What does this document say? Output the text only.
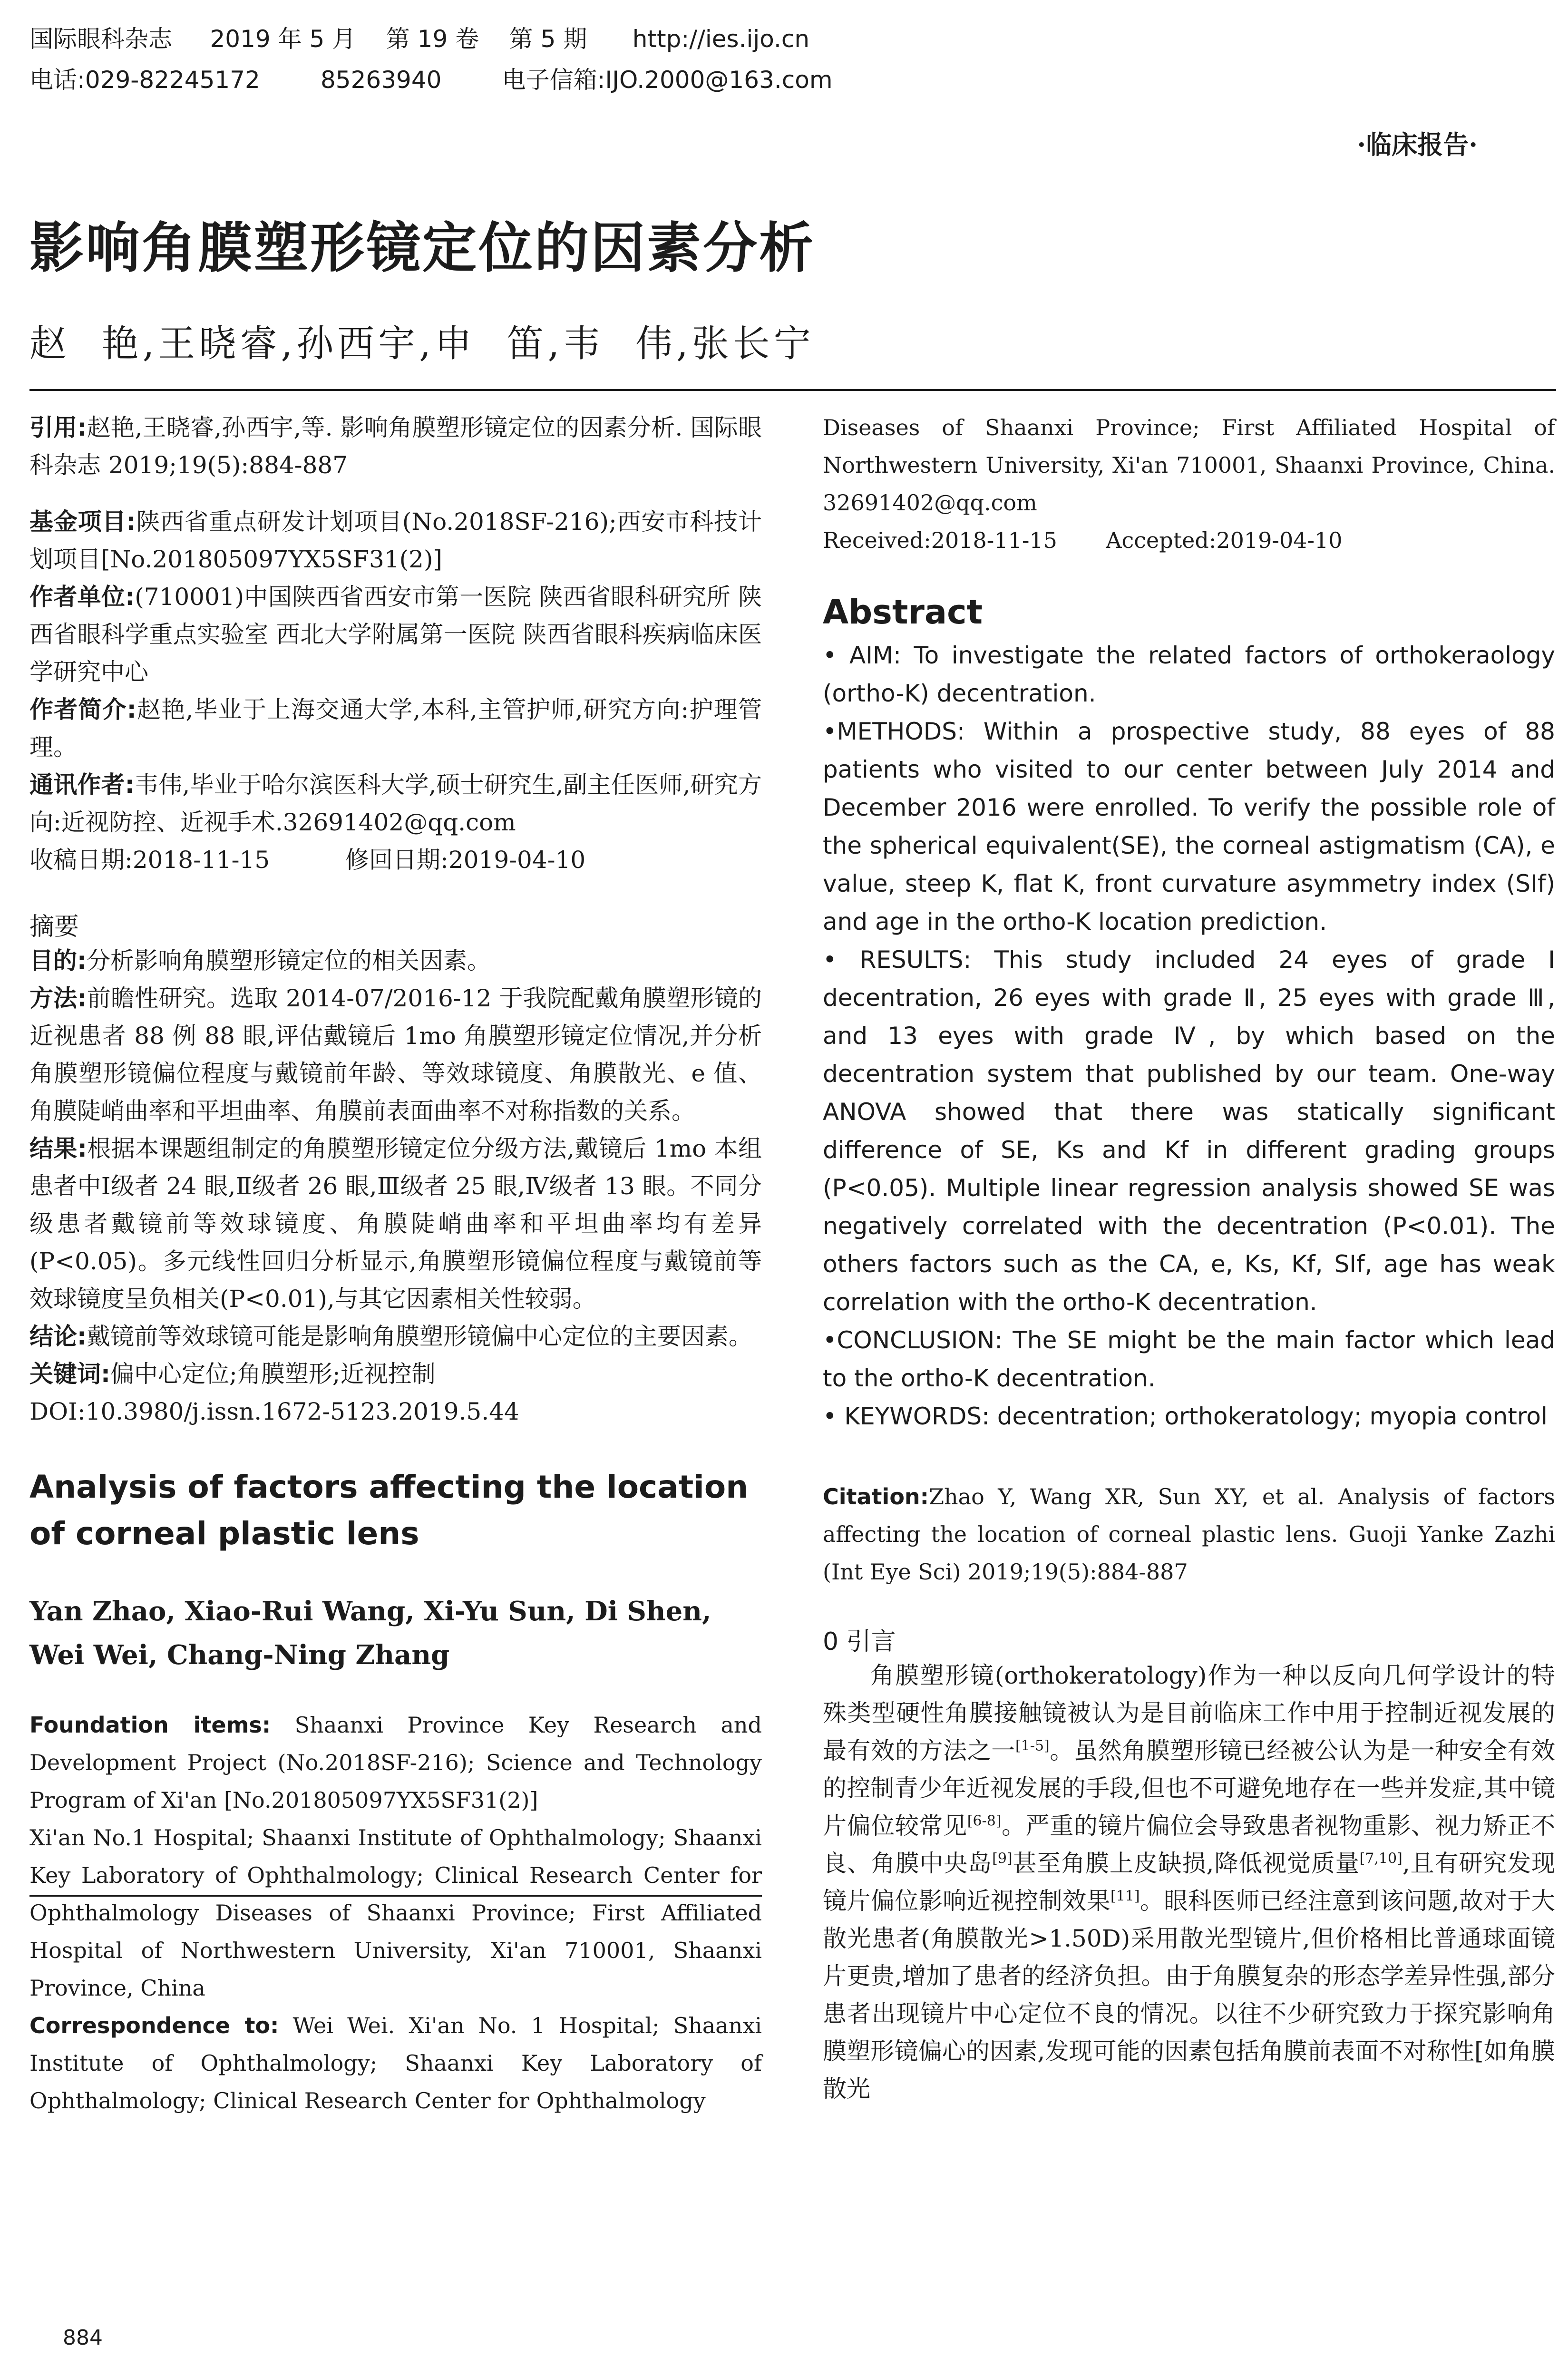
国际眼科杂志     2019 年 5 月    第 19 卷    第 5 期      http://ies.ijo.cn
电话:029-82245172        85263940        电子信箱:IJO.2000@163.com
·临床报告·
影响角膜塑形镜定位的因素分析
赵  艳,王晓睿,孙西宇,申  笛,韦  伟,张长宁

引用:赵艳,王晓睿,孙西宇,等. 影响角膜塑形镜定位的因素分析. 国际眼科杂志 2019;19(5):884-887

基金项目:陕西省重点研发计划项目(No.2018SF-216);西安市科技计划项目[No.201805097YX5SF31(2)]

作者单位:(710001)中国陕西省西安市第一医院 陕西省眼科研究所 陕西省眼科学重点实验室 西北大学附属第一医院 陕西省眼科疾病临床医学研究中心

作者简介:赵艳,毕业于上海交通大学,本科,主管护师,研究方向:护理管理。

通讯作者:韦伟,毕业于哈尔滨医科大学,硕士研究生,副主任医师,研究方向:近视防控、近视手术.32691402@qq.com

收稿日期:2018-11-15          修回日期:2019-04-10

摘要

目的:分析影响角膜塑形镜定位的相关因素。

方法:前瞻性研究。选取 2014-07/2016-12 于我院配戴角膜塑形镜的近视患者 88 例 88 眼,评估戴镜后 1mo 角膜塑形镜定位情况,并分析角膜塑形镜偏位程度与戴镜前年龄、等效球镜度、角膜散光、e 值、角膜陡峭曲率和平坦曲率、角膜前表面曲率不对称指数的关系。

结果:根据本课题组制定的角膜塑形镜定位分级方法,戴镜后 1mo 本组患者中Ⅰ级者 24 眼,Ⅱ级者 26 眼,Ⅲ级者 25 眼,Ⅳ级者 13 眼。不同分级患者戴镜前等效球镜度、角膜陡峭曲率和平坦曲率均有差异(P<0.05)。多元线性回归分析显示,角膜塑形镜偏位程度与戴镜前等效球镜度呈负相关(P<0.01),与其它因素相关性较弱。

结论:戴镜前等效球镜可能是影响角膜塑形镜偏中心定位的主要因素。

关键词:偏中心定位;角膜塑形;近视控制

DOI:10.3980/j.issn.1672-5123.2019.5.44

Analysis of factors affecting the location of corneal plastic lens

Yan Zhao, Xiao-Rui Wang, Xi-Yu Sun, Di Shen, Wei Wei, Chang-Ning Zhang

Foundation items: Shaanxi Province Key Research and Development Project (No.2018SF-216); Science and Technology Program of Xi'an [No.201805097YX5SF31(2)]

Xi'an No.1 Hospital; Shaanxi Institute of Ophthalmology; Shaanxi Key Laboratory of Ophthalmology; Clinical Research Center for Ophthalmology Diseases of Shaanxi Province; First Affiliated Hospital of Northwestern University, Xi'an 710001, Shaanxi Province, China

Correspondence to: Wei Wei. Xi'an No. 1 Hospital; Shaanxi Institute of Ophthalmology; Shaanxi Key Laboratory of Ophthalmology; Clinical Research Center for Ophthalmology

Diseases of Shaanxi Province; First Affiliated Hospital of Northwestern University, Xi'an 710001, Shaanxi Province, China. 32691402@qq.com

Received:2018-11-15       Accepted:2019-04-10

Abstract

• AIM: To investigate the related factors of orthokeraology (ortho-K) decentration.

•METHODS: Within a prospective study, 88 eyes of 88 patients who visited to our center between July 2014 and December 2016 were enrolled. To verify the possible role of the spherical equivalent(SE), the corneal astigmatism (CA), e value, steep K, flat K, front curvature asymmetry index (SIf) and age in the ortho-K location prediction.

• RESULTS: This study included 24 eyes of grade Ⅰ decentration, 26 eyes with grade Ⅱ, 25 eyes with grade Ⅲ, and 13 eyes with grade Ⅳ, by which based on the decentration system that published by our team. One-way ANOVA showed that there was statically significant difference of SE, Ks and Kf in different grading groups (P<0.05). Multiple linear regression analysis showed SE was negatively correlated with the decentration (P<0.01). The others factors such as the CA, e, Ks, Kf, SIf, age has weak correlation with the ortho-K decentration.

•CONCLUSION: The SE might be the main factor which lead to the ortho-K decentration.

• KEYWORDS: decentration; orthokeratology; myopia control

Citation:Zhao Y, Wang XR, Sun XY, et al. Analysis of factors affecting the location of corneal plastic lens. Guoji Yanke Zazhi (Int Eye Sci) 2019;19(5):884-887

0 引言

角膜塑形镜(orthokeratology)作为一种以反向几何学设计的特殊类型硬性角膜接触镜被认为是目前临床工作中用于控制近视发展的最有效的方法之一[1-5]。虽然角膜塑形镜已经被公认为是一种安全有效的控制青少年近视发展的手段,但也不可避免地存在一些并发症,其中镜片偏位较常见[6-8]。严重的镜片偏位会导致患者视物重影、视力矫正不良、角膜中央岛[9]甚至角膜上皮缺损,降低视觉质量[7,10],且有研究发现镜片偏位影响近视控制效果[11]。眼科医师已经注意到该问题,故对于大散光患者(角膜散光>1.50D)采用散光型镜片,但价格相比普通球面镜片更贵,增加了患者的经济负担。由于角膜复杂的形态学差异性强,部分患者出现镜片中心定位不良的情况。以往不少研究致力于探究影响角膜塑形镜偏心的因素,发现可能的因素包括角膜前表面不对称性[如角膜散光

884
